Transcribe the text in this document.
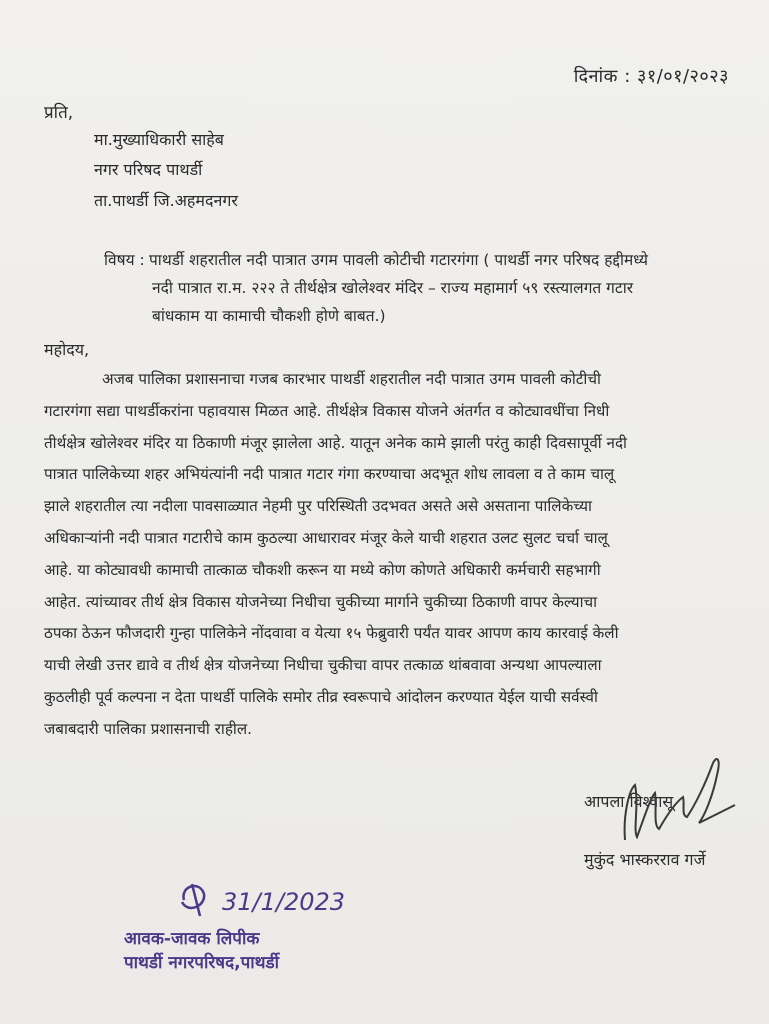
दिनांक : ३१/०१/२०२३
प्रति,
मा.मुख्याधिकारी साहेब
नगर परिषद पाथर्डी
ता.पाथर्डी जि.अहमदनगर
विषय : पाथर्डी शहरातील नदी पात्रात उगम पावली कोटीची गटारगंगा ( पाथर्डी नगर परिषद हद्दीमध्ये
नदी पात्रात रा.म. २२२ ते तीर्थक्षेत्र खोलेश्वर मंदिर – राज्य महामार्ग ५९ रस्त्यालगत गटार
बांधकाम या कामाची चौकशी होणे बाबत.)
महोदय,
अजब पालिका प्रशासनाचा गजब कारभार पाथर्डी शहरातील नदी पात्रात उगम पावली कोटीची
गटारगंगा सद्या पाथर्डीकरांना पहावयास मिळत आहे. तीर्थक्षेत्र विकास योजने अंतर्गत व कोट्यावधींचा निधी
तीर्थक्षेत्र खोलेश्वर मंदिर या ठिकाणी मंजूर झालेला आहे. यातून अनेक कामे झाली परंतु काही दिवसापूर्वी नदी
पात्रात पालिकेच्या शहर अभियंत्यांनी नदी पात्रात गटार गंगा करण्याचा अदभूत शोध लावला व ते काम चालू
झाले शहरातील त्या नदीला पावसाळ्यात नेहमी पुर परिस्थिती उदभवत असते असे असताना पालिकेच्या
अधिकाऱ्यांनी नदी पात्रात गटारीचे काम कुठल्या आधारावर मंजूर केले याची शहरात उलट सुलट चर्चा चालू
आहे. या कोट्यावधी कामाची तात्काळ चौकशी करून या मध्ये कोण कोणते अधिकारी कर्मचारी सहभागी
आहेत. त्यांच्यावर तीर्थ क्षेत्र विकास योजनेच्या निधीचा चुकीच्या मार्गाने चुकीच्या ठिकाणी वापर केल्याचा
ठपका ठेऊन फौजदारी गुन्हा पालिकेने नोंदवावा व येत्या १५ फेब्रुवारी पर्यंत यावर आपण काय कारवाई केली
याची लेखी उत्तर द्यावे व तीर्थ क्षेत्र योजनेच्या निधीचा चुकीचा वापर तत्काळ थांबवावा अन्यथा आपल्याला
कुठलीही पूर्व कल्पना न देता पाथर्डी पालिके समोर तीव्र स्वरूपाचे आंदोलन करण्यात येईल याची सर्वस्वी
जबाबदारी पालिका प्रशासनाची राहील.
आपला विश्वासू
मुकुंद भास्करराव गर्जे
31/1/2023
आवक-जावक लिपीक
पाथर्डी नगरपरिषद,पाथर्डी
